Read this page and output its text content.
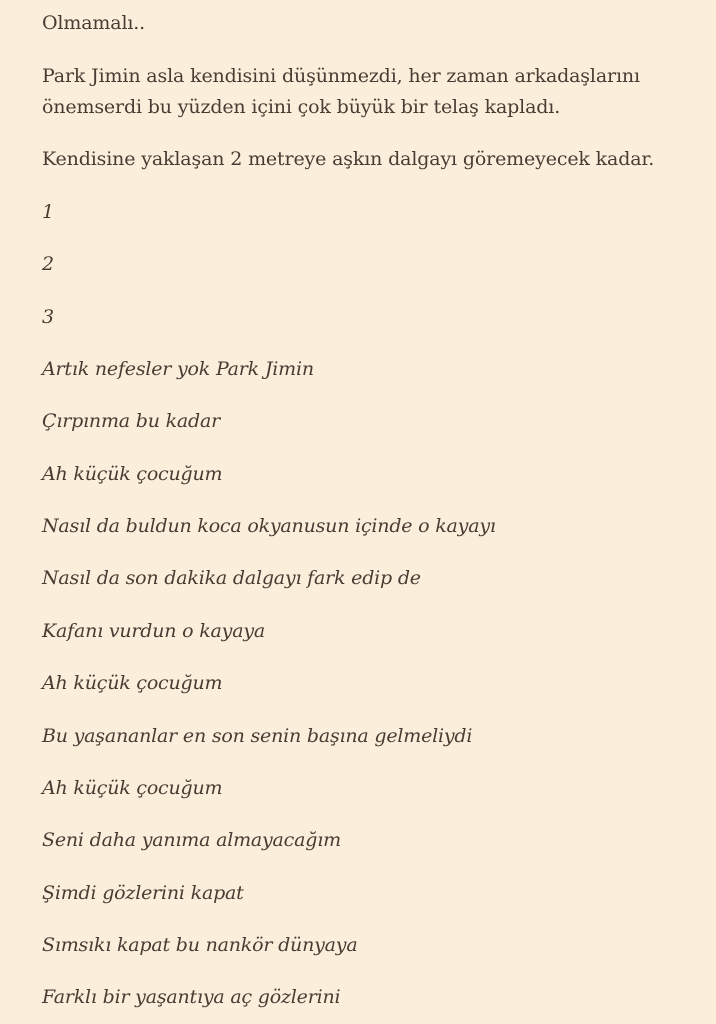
Olmamalı..

Park Jimin asla kendisini düşünmezdi, her zaman arkadaşlarını

önemserdi bu yüzden içini çok büyük bir telaş kapladı.

Kendisine yaklaşan 2 metreye aşkın dalgayı göremeyecek kadar.

1

2

3

Artık nefesler yok Park Jimin

Çırpınma bu kadar

Ah küçük çocuğum

Nasıl da buldun koca okyanusun içinde o kayayı

Nasıl da son dakika dalgayı fark edip de

Kafanı vurdun o kayaya

Ah küçük çocuğum

Bu yaşananlar en son senin başına gelmeliydi

Ah küçük çocuğum

Seni daha yanıma almayacağım

Şimdi gözlerini kapat

Sımsıkı kapat bu nankör dünyaya

Farklı bir yaşantıya aç gözlerini
